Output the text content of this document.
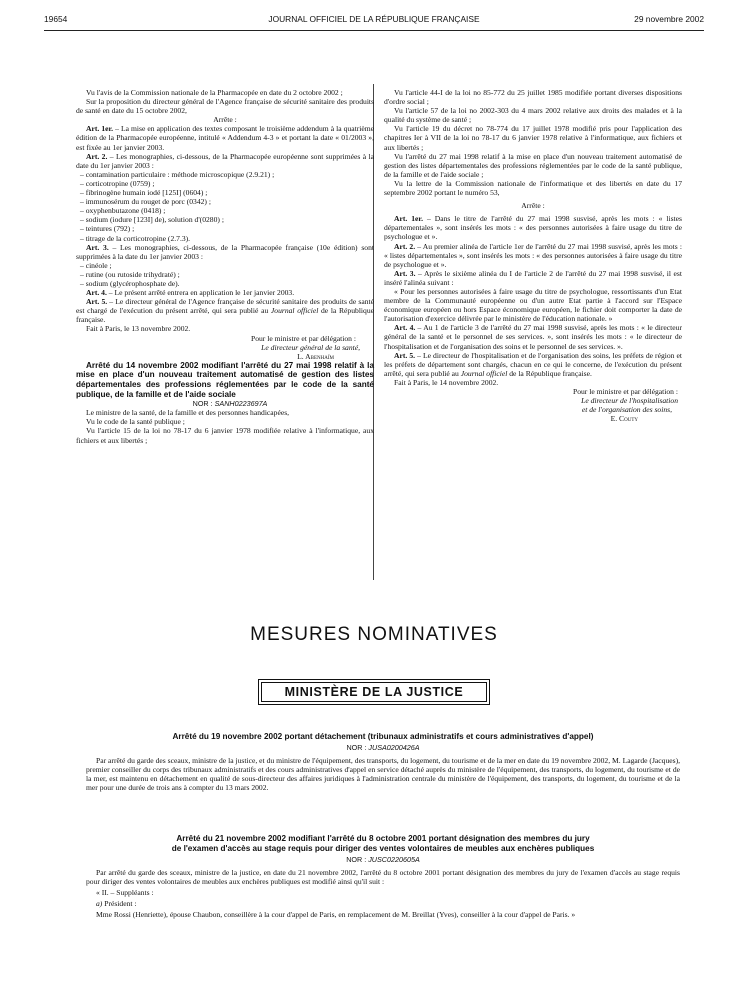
19654	JOURNAL OFFICIEL DE LA RÉPUBLIQUE FRANÇAISE	29 novembre 2002

Vu l'avis de la Commission nationale de la Pharmacopée en date du 2 octobre 2002 ;

Sur la proposition du directeur général de l'Agence française de sécurité sanitaire des produits de santé en date du 15 octobre 2002,

Arrête :

Art. 1er. – La mise en application des textes composant le troisième addendum à la quatrième édition de la Pharmacopée européenne, intitulé « Addendum 4-3 » et portant la date « 01/2003 », est fixée au 1er janvier 2003.

Art. 2. – Les monographies, ci-dessous, de la Pharmacopée européenne sont supprimées à la date du 1er janvier 2003 :

– contamination particulaire : méthode microscopique (2.9.21) ;

– corticotropine (0759) ;

– fibrinogène humain iodé [125I] (0604) ;

– immunosérum du rouget de porc (0342) ;

– oxyphenbutazone (0418) ;

– sodium (iodure [123I] de), solution d'(0280) ;

– teintures (792) ;

– titrage de la corticotropine (2.7.3).

Art. 3. – Les monographies, ci-dessous, de la Pharmacopée française (10e édition) sont supprimées à la date du 1er janvier 2003 :

– cinéole ;

– rutine (ou rutoside trihydraté) ;

– sodium (glycérophosphate de).

Art. 4. – Le présent arrêté entrera en application le 1er janvier 2003.

Art. 5. – Le directeur général de l'Agence française de sécurité sanitaire des produits de santé est chargé de l'exécution du présent arrêté, qui sera publié au Journal officiel de la République française.

Fait à Paris, le 13 novembre 2002.

Pour le ministre et par délégation :

Le directeur général de la santé,

L. Abenhaïm

Arrêté du 14 novembre 2002 modifiant l'arrêté du 27 mai 1998 relatif à la mise en place d'un nouveau traitement automatisé de gestion des listes départementales des professions réglementées par le code de la santé publique, de la famille et de l'aide sociale

NOR : SANH0223697A

Le ministre de la santé, de la famille et des personnes handicapées,

Vu le code de la santé publique ;

Vu l'article 15 de la loi no 78-17 du 6 janvier 1978 modifiée relative à l'informatique, aux fichiers et aux libertés ;

Vu l'article 44-I de la loi no 85-772 du 25 juillet 1985 modifiée portant diverses dispositions d'ordre social ;

Vu l'article 57 de la loi no 2002-303 du 4 mars 2002 relative aux droits des malades et à la qualité du système de santé ;

Vu l'article 19 du décret no 78-774 du 17 juillet 1978 modifié pris pour l'application des chapitres Ier à VII de la loi no 78-17 du 6 janvier 1978 relative à l'informatique, aux fichiers et aux libertés ;

Vu l'arrêté du 27 mai 1998 relatif à la mise en place d'un nouveau traitement automatisé de gestion des listes départementales des professions réglementées par le code de la santé publique, de la famille et de l'aide sociale ;

Vu la lettre de la Commission nationale de l'informatique et des libertés en date du 17 septembre 2002 portant le numéro 53,

Arrête :

Art. 1er. – Dans le titre de l'arrêté du 27 mai 1998 susvisé, après les mots : « listes départementales », sont insérés les mots : « des personnes autorisées à faire usage du titre de psychologue et ».

Art. 2. – Au premier alinéa de l'article 1er de l'arrêté du 27 mai 1998 susvisé, après les mots : « listes départementales », sont insérés les mots : « des personnes autorisées à faire usage du titre de psychologue et ».

Art. 3. – Après le sixième alinéa du I de l'article 2 de l'arrêté du 27 mai 1998 susvisé, il est inséré l'alinéa suivant :

« Pour les personnes autorisées à faire usage du titre de psychologue, ressortissants d'un Etat membre de la Communauté européenne ou d'un autre Etat partie à l'accord sur l'Espace économique européen ou hors Espace économique européen, le fichier doit comporter la date de l'autorisation d'exercice délivrée par le ministère de l'éducation nationale. »

Art. 4. – Au 1 de l'article 3 de l'arrêté du 27 mai 1998 susvisé, après les mots : « le directeur général de la santé et le personnel de ses services. », sont insérés les mots : « le directeur de l'hospitalisation et de l'organisation des soins et le personnel de ses services. ».

Art. 5. – Le directeur de l'hospitalisation et de l'organisation des soins, les préfets de région et les préfets de département sont chargés, chacun en ce qui le concerne, de l'exécution du présent arrêté, qui sera publié au Journal officiel de la République française.

Fait à Paris, le 14 novembre 2002.

Pour le ministre et par délégation :

Le directeur de l'hospitalisation

et de l'organisation des soins,

E. Couty

MESURES NOMINATIVES
MINISTÈRE DE LA JUSTICE

Arrêté du 19 novembre 2002 portant détachement (tribunaux administratifs et cours administratives d'appel)

NOR : JUSA0200426A

Par arrêté du garde des sceaux, ministre de la justice, et du ministre de l'équipement, des transports, du logement, du tourisme et de la mer en date du 19 novembre 2002, M. Lagarde (Jacques), premier conseiller du corps des tribunaux administratifs et des cours administratives d'appel en service détaché auprès du ministère de l'équipement, des transports, du logement, du tourisme et de la mer, est maintenu en détachement en qualité de sous-directeur des affaires juridiques à l'administration centrale du ministère de l'équipement, des transports, du logement, du tourisme et de la mer pour une durée de trois ans à compter du 13 mars 2002.

Arrêté du 21 novembre 2002 modifiant l'arrêté du 8 octobre 2001 portant désignation des membres du jury

de l'examen d'accès au stage requis pour diriger des ventes volontaires de meubles aux enchères publiques

NOR : JUSC0220605A

Par arrêté du garde des sceaux, ministre de la justice, en date du 21 novembre 2002, l'arrêté du 8 octobre 2001 portant désignation des membres du jury de l'examen d'accès au stage requis pour diriger des ventes volontaires de meubles aux enchères publiques est modifié ainsi qu'il suit :

« II. – Suppléants :

a) Président :

Mme Rossi (Henriette), épouse Chaubon, conseillère à la cour d'appel de Paris, en remplacement de M. Breillat (Yves), conseiller à la cour d'appel de Paris. »
